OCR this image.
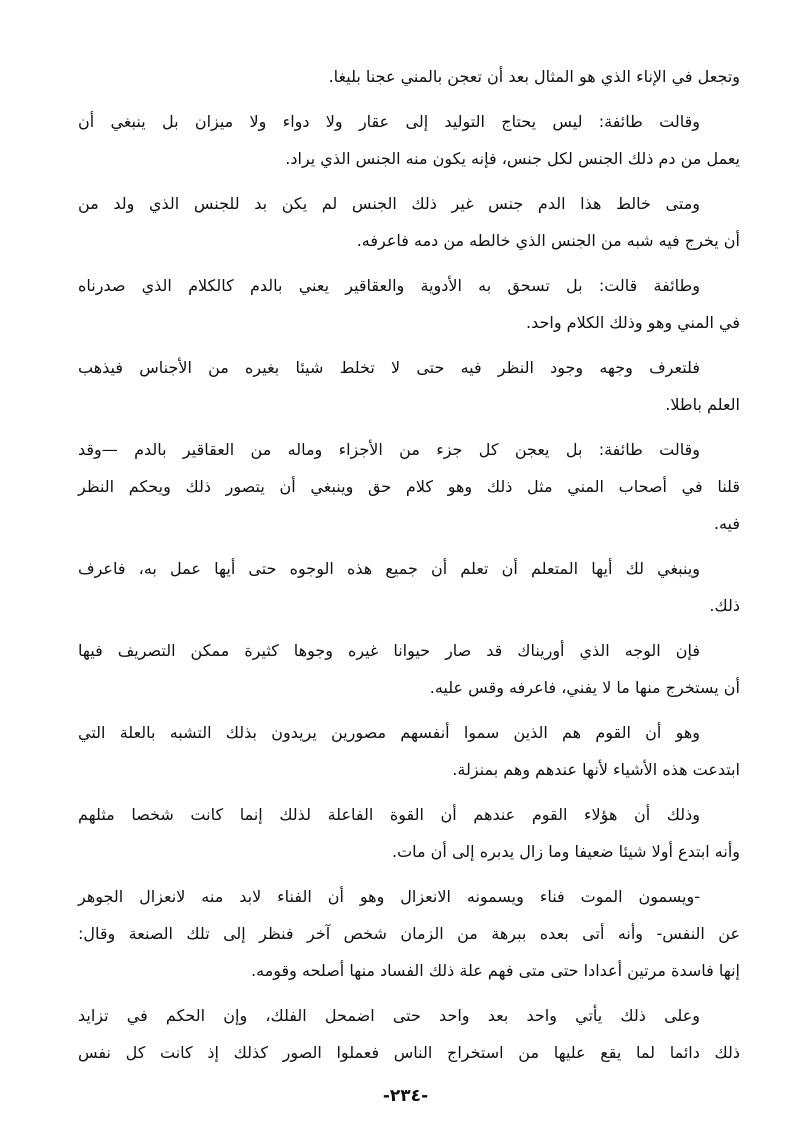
وتجعل في الإناء الذي هو المثال بعد أن تعجن بالمني عجنا بليغا.
وقالت طائفة: ليس يحتاج التوليد إلى عقار ولا دواء ولا ميزان بل ينبغي أن
يعمل من دم ذلك الجنس لكل جنس، فإنه يكون منه الجنس الذي يراد.
ومتى خالط هذا الدم جنس غير ذلك الجنس لم يكن بد للجنس الذي ولد من
أن يخرج فيه شبه من الجنس الذي خالطه من دمه فاعرفه.
وطائفة قالت: بل تسحق به الأدوية والعقاقير يعني بالدم كالكلام الذي صدرناه
في المني وهو وذلك الكلام واحد.
فلتعرف وجهه وجود النظر فيه حتى لا تخلط شيئا بغيره من الأجناس فيذهب
العلم باطلا.
وقالت طائفة: بل يعجن كل جزء من الأجزاء وماله من العقاقير بالدم —وقد
قلنا في أصحاب المني مثل ذلك وهو كلام حق وينبغي أن يتصور ذلك ويحكم النظر
فيه.
وينبغي لك أيها المتعلم أن تعلم أن جميع هذه الوجوه حتى أيها عمل به، فاعرف
ذلك.
فإن الوجه الذي أوريناك قد صار حيوانا غيره وجوها كثيرة ممكن التصريف فيها
أن يستخرج منها ما لا يفني، فاعرفه وقس عليه.
وهو أن القوم هم الذين سموا أنفسهم مصورين يريدون بذلك التشبه بالعلة التي
ابتدعت هذه الأشياء لأنها عندهم وهم بمنزلة.
وذلك أن هؤلاء القوم عندهم أن القوة الفاعلة لذلك إنما كانت شخصا مثلهم
وأنه ابتدع أولا شيئا ضعيفا وما زال يدبره إلى أن مات.
-ويسمون الموت فناء ويسمونه الانعزال وهو أن الفناء لابد منه لانعزال الجوهر
عن النفس- وأنه أتى بعده ببرهة من الزمان شخص آخر فنظر إلى تلك الصنعة وقال:
إنها فاسدة مرتين أعدادا حتى متى فهم علة ذلك الفساد منها أصلحه وقومه.
وعلى ذلك يأتي واحد بعد واحد حتى اضمحل الفلك، وإن الحكم في تزايد
ذلك دائما لما يقع عليها من استخراج الناس فعملوا الصور كذلك إذ كانت كل نفس
-٢٣٤-
